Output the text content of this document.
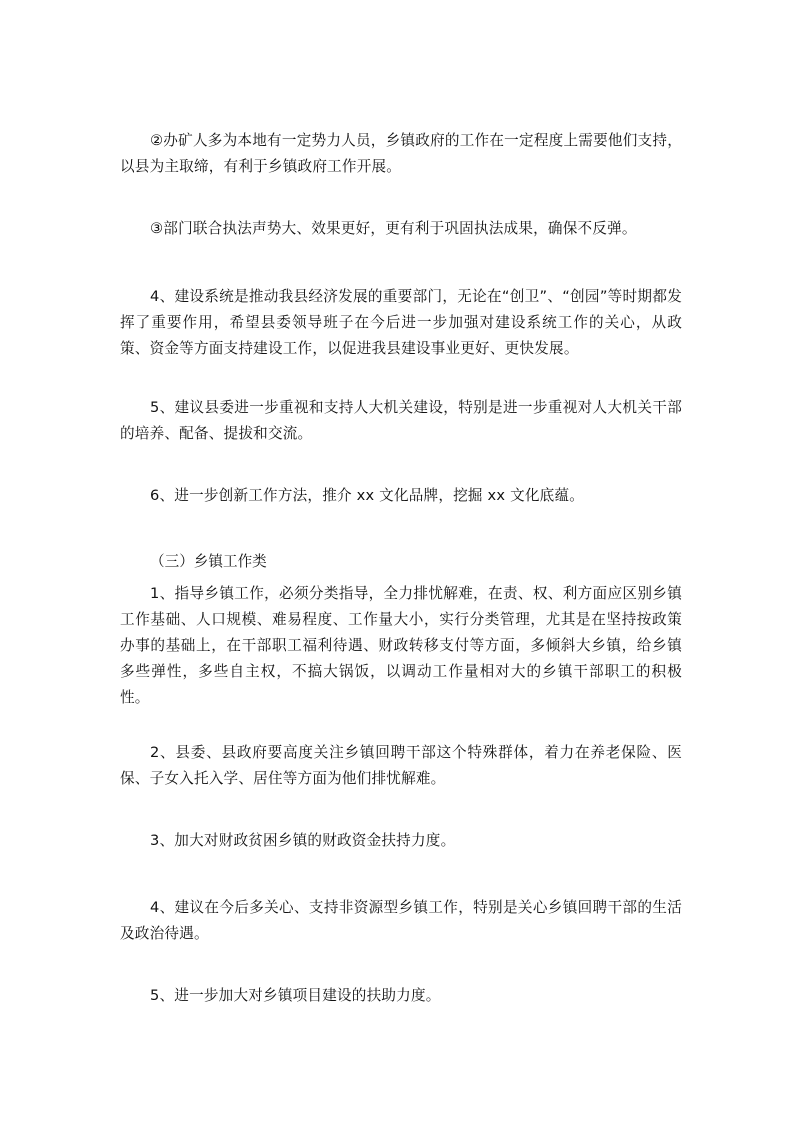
②办矿人多为本地有一定势力人员，乡镇政府的工作在一定程度上需要他们支持，以县为主取缔，有利于乡镇政府工作开展。

③部门联合执法声势大、效果更好，更有利于巩固执法成果，确保不反弹。

4、建设系统是推动我县经济发展的重要部门，无论在“创卫”、“创园”等时期都发挥了重要作用，希望县委领导班子在今后进一步加强对建设系统工作的关心，从政策、资金等方面支持建设工作，以促进我县建设事业更好、更快发展。

5、建议县委进一步重视和支持人大机关建设，特别是进一步重视对人大机关干部的培养、配备、提拔和交流。

6、进一步创新工作方法，推介 xx 文化品牌，挖掘 xx 文化底蕴。

（三）乡镇工作类

1、指导乡镇工作，必须分类指导，全力排忧解难，在责、权、利方面应区别乡镇工作基础、人口规模、难易程度、工作量大小，实行分类管理，尤其是在坚持按政策办事的基础上，在干部职工福利待遇、财政转移支付等方面，多倾斜大乡镇，给乡镇多些弹性，多些自主权，不搞大锅饭，以调动工作量相对大的乡镇干部职工的积极性。

2、县委、县政府要高度关注乡镇回聘干部这个特殊群体，着力在养老保险、医保、子女入托入学、居住等方面为他们排忧解难。

3、加大对财政贫困乡镇的财政资金扶持力度。

4、建议在今后多关心、支持非资源型乡镇工作，特别是关心乡镇回聘干部的生活及政治待遇。

5、进一步加大对乡镇项目建设的扶助力度。
